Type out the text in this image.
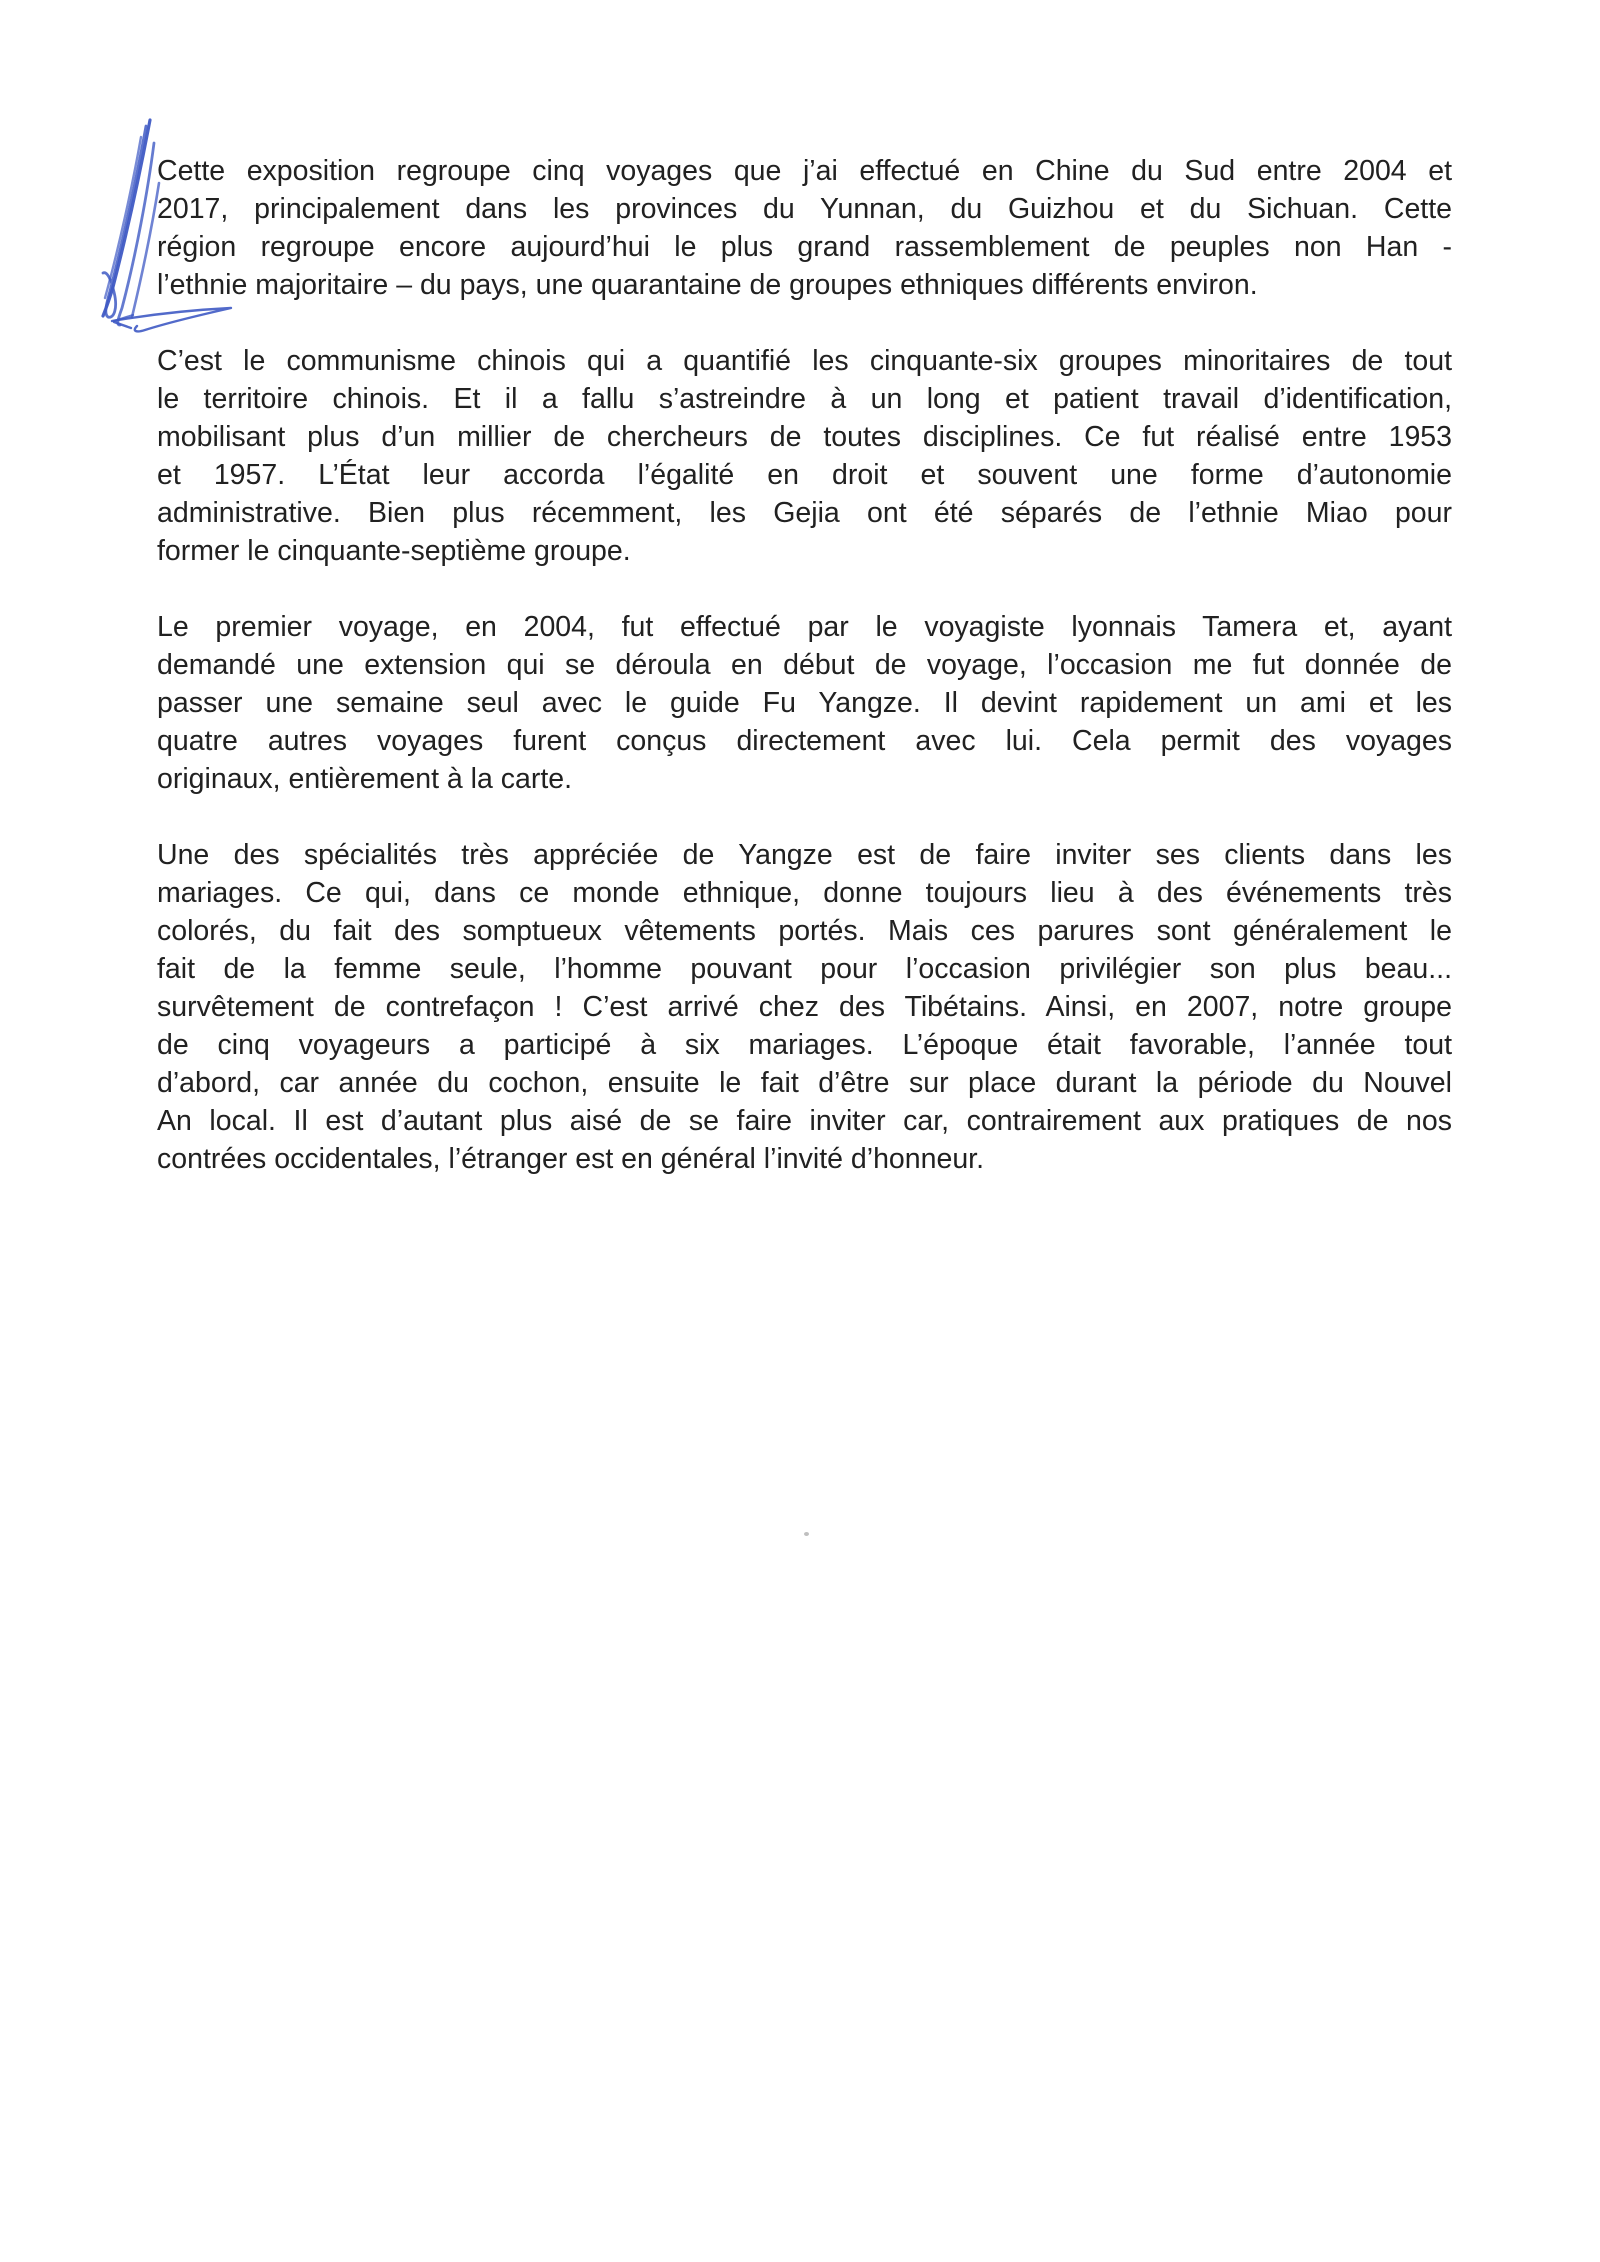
Cette exposition regroupe cinq voyages que j’ai effectué en Chine du Sud entre 2004 et
2017, principalement dans les provinces du Yunnan, du Guizhou et du Sichuan. Cette
région regroupe encore aujourd’hui le plus grand rassemblement de peuples non Han -
l’ethnie majoritaire – du pays, une quarantaine de groupes ethniques différents environ.
C’est le communisme chinois qui a quantifié les cinquante-six groupes minoritaires de tout
le territoire chinois. Et il a fallu s’astreindre à un long et patient travail d’identification,
mobilisant plus d’un millier de chercheurs de toutes disciplines. Ce fut réalisé entre 1953
et 1957. L’État leur accorda l’égalité en droit et souvent une forme d’autonomie
administrative. Bien plus récemment, les Gejia ont été séparés de l’ethnie Miao pour
former le cinquante-septième groupe.
Le premier voyage, en 2004, fut effectué par le voyagiste lyonnais Tamera et, ayant
demandé une extension qui se déroula en début de voyage, l’occasion me fut donnée de
passer une semaine seul avec le guide Fu Yangze. Il devint rapidement un ami et les
quatre autres voyages furent conçus directement avec lui. Cela permit des voyages
originaux, entièrement à la carte.
Une des spécialités très appréciée de Yangze est de faire inviter ses clients dans les
mariages. Ce qui, dans ce monde ethnique, donne toujours lieu à des événements très
colorés, du fait des somptueux vêtements portés. Mais ces parures sont généralement le
fait de la femme seule, l’homme pouvant pour l’occasion privilégier son plus beau...
survêtement de contrefaçon ! C’est arrivé chez des Tibétains. Ainsi, en 2007, notre groupe
de cinq voyageurs a participé à six mariages. L’époque était favorable, l’année tout
d’abord, car année du cochon, ensuite le fait d’être sur place durant la période du Nouvel
An local. Il est d’autant plus aisé de se faire inviter car, contrairement aux pratiques de nos
contrées occidentales, l’étranger est en général l’invité d’honneur.
